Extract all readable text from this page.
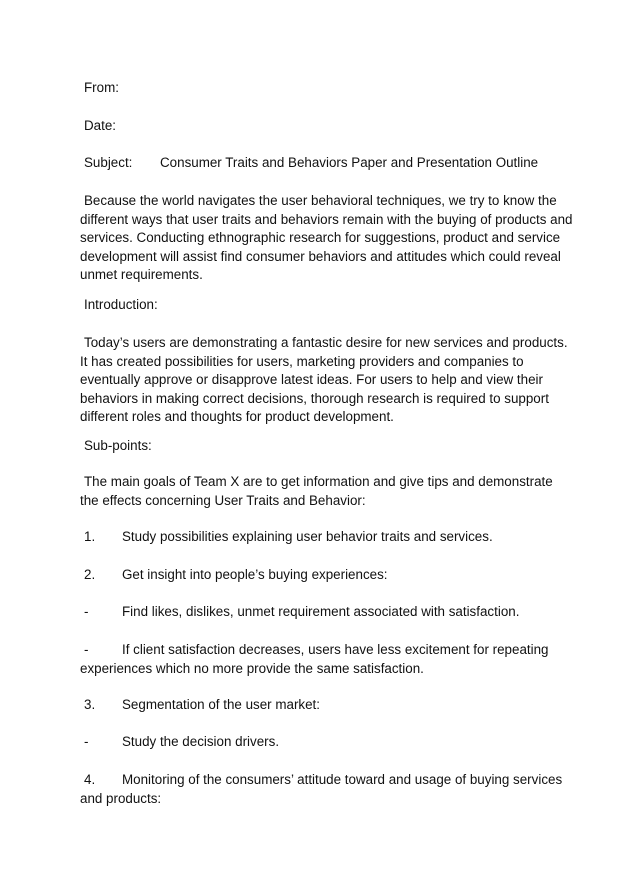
From:
Date:
Subject: Consumer Traits and Behaviors Paper and Presentation Outline

Because the world navigates the user behavioral techniques, we try to know the
different ways that user traits and behaviors remain with the buying of products and
services. Conducting ethnographic research for suggestions, product and service
development will assist find consumer behaviors and attitudes which could reveal
unmet requirements.

Introduction:

Today’s users are demonstrating a fantastic desire for new services and products.
It has created possibilities for users, marketing providers and companies to
eventually approve or disapprove latest ideas. For users to help and view their
behaviors in making correct decisions, thorough research is required to support
different roles and thoughts for product development.

Sub-points:

The main goals of Team X are to get information and give tips and demonstrate
the effects concerning User Traits and Behavior:

1. Study possibilities explaining user behavior traits and services.
2. Get insight into people’s buying experiences:
-	Find likes, dislikes, unmet requirement associated with satisfaction.
-	If client satisfaction decreases, users have less excitement for repeating
experiences which no more provide the same satisfaction.
3. Segmentation of the user market:
-	Study the decision drivers.
4. Monitoring of the consumers’ attitude toward and usage of buying services
and products:
